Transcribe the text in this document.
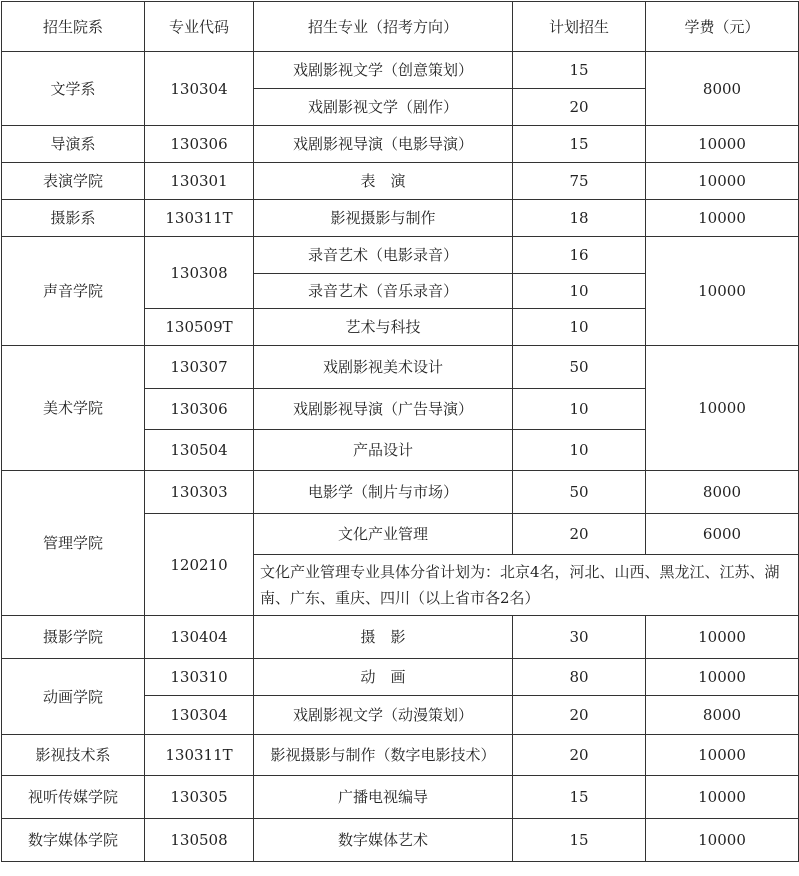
招生院系	专业代码	招生专业（招考方向）	计划招生	学费（元）
文学系	130304	戏剧影视文学（创意策划）	15	8000
		戏剧影视文学（剧作）	20	
导演系	130306	戏剧影视导演（电影导演）	15	10000
表演学院	130301	表　演	75	10000
摄影系	130311T	影视摄影与制作	18	10000
声音学院	130308	录音艺术（电影录音）	16	10000
		录音艺术（音乐录音）	10	
	130509T	艺术与科技	10	
美术学院	130307	戏剧影视美术设计	50	10000
	130306	戏剧影视导演（广告导演）	10	
	130504	产品设计	10	
管理学院	130303	电影学（制片与市场）	50	8000
	120210	文化产业管理	20	6000
		文化产业管理专业具体分省计划为：北京4名，河北、山西、黑龙江、江苏、湖南、广东、重庆、四川（以上省市各2名）		
摄影学院	130404	摄　影	30	10000
动画学院	130310	动　画	80	10000
	130304	戏剧影视文学（动漫策划）	20	8000
影视技术系	130311T	影视摄影与制作（数字电影技术）	20	10000
视听传媒学院	130305	广播电视编导	15	10000
数字媒体学院	130508	数字媒体艺术	15	10000
